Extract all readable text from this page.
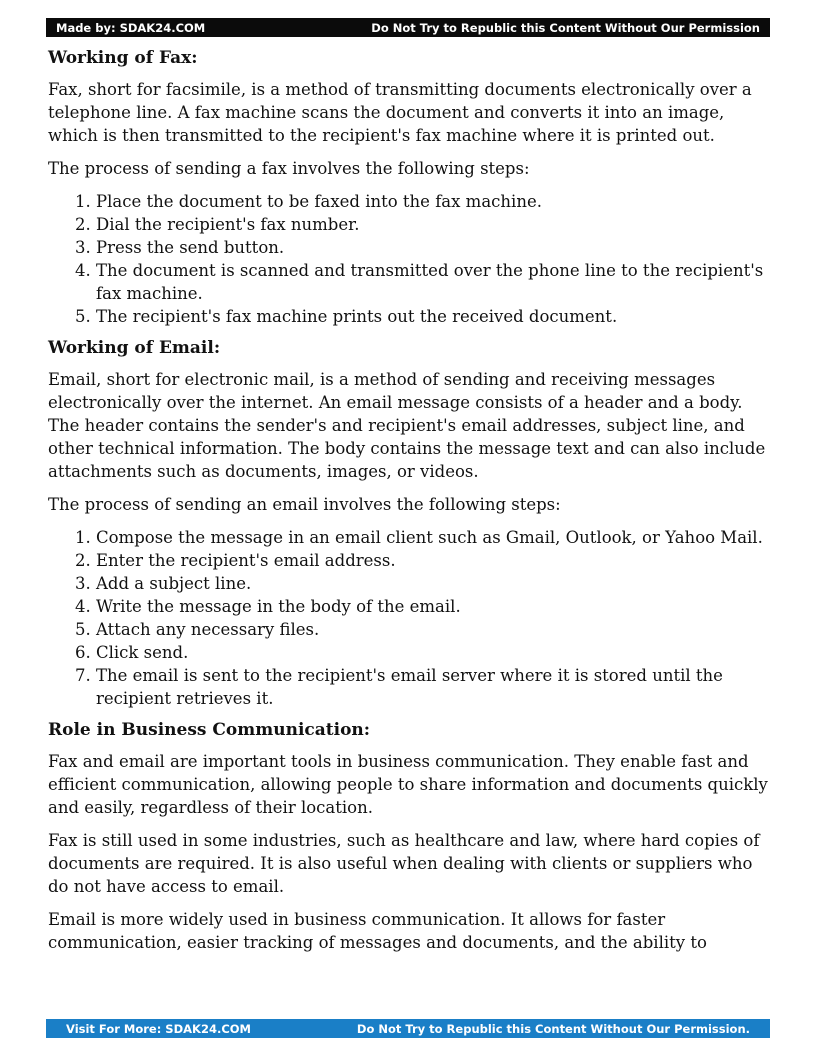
Made by: SDAK24.COM	Do Not Try to Republic this Content Without Our Permission
Working of Fax:

Fax, short for facsimile, is a method of transmitting documents electronically over a telephone line. A fax machine scans the document and converts it into an image, which is then transmitted to the recipient's fax machine where it is printed out.

The process of sending a fax involves the following steps:

1. Place the document to be faxed into the fax machine.
2. Dial the recipient's fax number.
3. Press the send button.
4. The document is scanned and transmitted over the phone line to the recipient's fax machine.
5. The recipient's fax machine prints out the received document.
Working of Email:

Email, short for electronic mail, is a method of sending and receiving messages electronically over the internet. An email message consists of a header and a body. The header contains the sender's and recipient's email addresses, subject line, and other technical information. The body contains the message text and can also include attachments such as documents, images, or videos.

The process of sending an email involves the following steps:

1. Compose the message in an email client such as Gmail, Outlook, or Yahoo Mail.
2. Enter the recipient's email address.
3. Add a subject line.
4. Write the message in the body of the email.
5. Attach any necessary files.
6. Click send.
7. The email is sent to the recipient's email server where it is stored until the recipient retrieves it.
Role in Business Communication:

Fax and email are important tools in business communication. They enable fast and efficient communication, allowing people to share information and documents quickly and easily, regardless of their location.

Fax is still used in some industries, such as healthcare and law, where hard copies of documents are required. It is also useful when dealing with clients or suppliers who do not have access to email.

Email is more widely used in business communication. It allows for faster communication, easier tracking of messages and documents, and the ability to

Visit For More: SDAK24.COM	Do Not Try to Republic this Content Without Our Permission.
